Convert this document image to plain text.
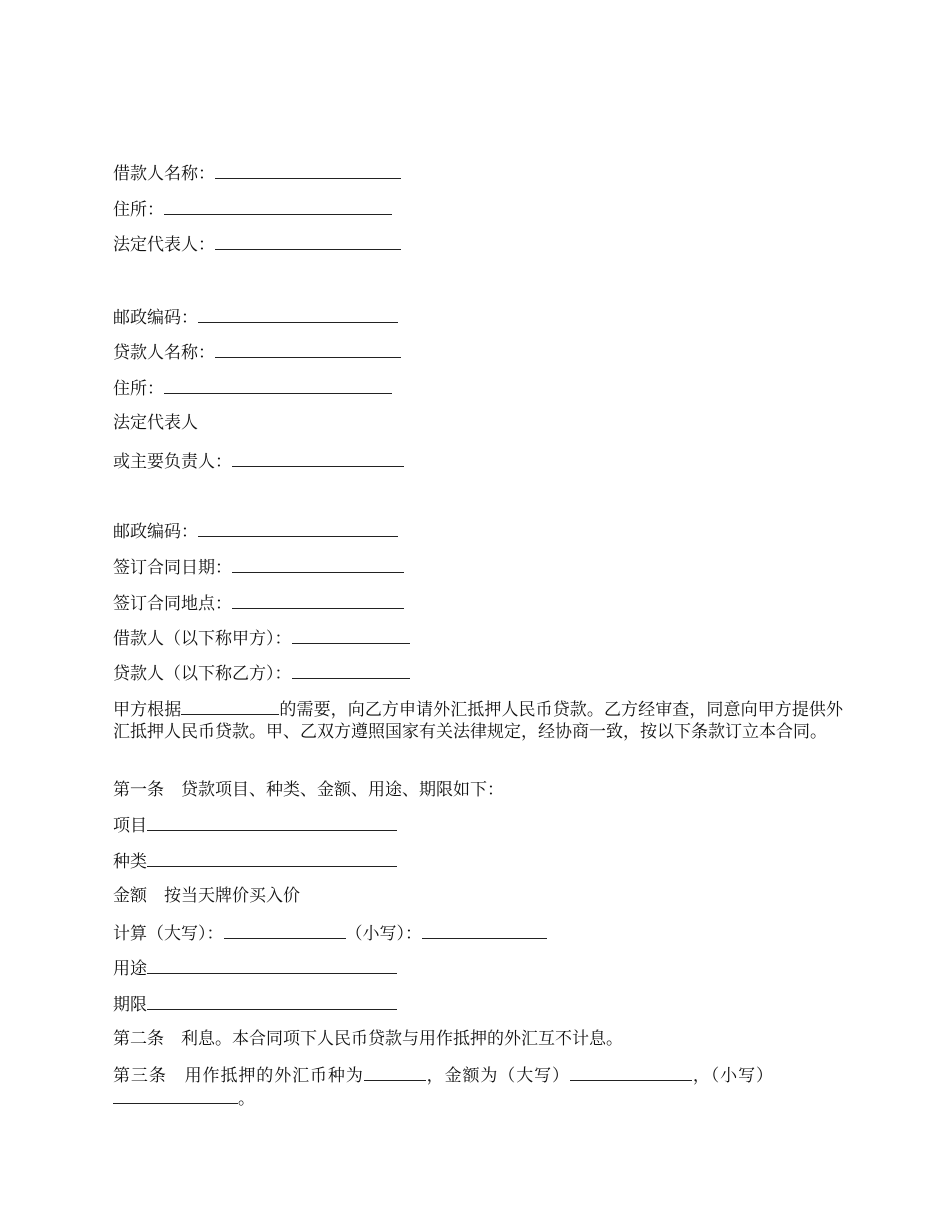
借款人名称：
住所：
法定代表人：
邮政编码：
贷款人名称：
住所：
法定代表人
或主要负责人：
邮政编码：
签订合同日期：
签订合同地点：
借款人（以下称甲方）：
贷款人（以下称乙方）：
甲方根据	的需要，向乙方申请外汇抵押人民币贷款。乙方经审查，同意向甲方提供外汇抵押人民币贷款。甲、乙双方遵照国家有关法律规定，经协商一致，按以下条款订立本合同。
第一条　贷款项目、种类、金额、用途、期限如下：
项目
种类
金额　按当天牌价买入价
计算（大写）：	（小写）：
用途
期限
第二条　利息。本合同项下人民币贷款与用作抵押的外汇互不计息。
第三条　用作抵押的外汇币种为	，金额为（大写）	，（小写）。
